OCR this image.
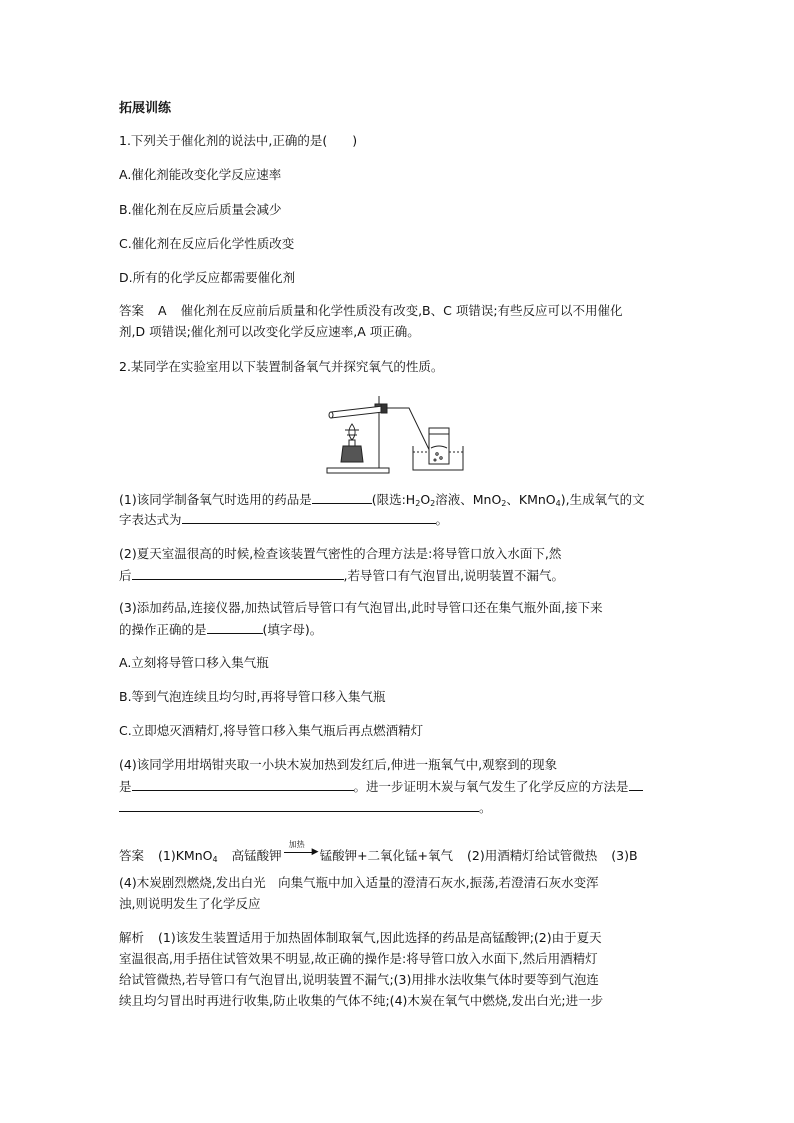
拓展训练
1.下列关于催化剂的说法中,正确的是(　　)
A.催化剂能改变化学反应速率
B.催化剂在反应后质量会减少
C.催化剂在反应后化学性质改变
D.所有的化学反应都需要催化剂
答案 A 催化剂在反应前后质量和化学性质没有改变,B、C 项错误;有些反应可以不用催化
剂,D 项错误;催化剂可以改变化学反应速率,A 项正确。
2.某同学在实验室用以下装置制备氧气并探究氧气的性质。
(1)该同学制备氧气时选用的药品是	(限选$:H_2O_2$溶液、MnO$_2$、KMnO$_4$),生成氧气的文
字表达式为	。
(2)夏天室温很高的时候,检查该装置气密性的合理方法是:将导管口放入水面下,然
后	,若导管口有气泡冒出,说明装置不漏气。
(3)添加药品,连接仪器,加热试管后导管口有气泡冒出,此时导管口还在集气瓶外面,接下来
的操作正确的是	(填字母)。
A.立刻将导管口移入集气瓶
B.等到气泡连续且均匀时,再将导管口移入集气瓶
C.立即熄灭酒精灯,将导管口移入集气瓶后再点燃酒精灯
(4)该同学用坩埚钳夹取一小块木炭加热到发红后,伸进一瓶氧气中,观察到的现象
是	。进一步证明木炭与氧气发生了化学反应的方法是
。
答案 (1)KMnO$_4$ 高锰酸钾
加热
▶ 锰酸钾+二氧化锰+氧气 (2)用酒精灯给试管微热 (3)B
(4)木炭剧烈燃烧,发出白光　向集气瓶中加入适量的澄清石灰水,振荡,若澄清石灰水变浑
浊,则说明发生了化学反应
解析 (1)该发生装置适用于加热固体制取氧气,因此选择的药品是高锰酸钾;(2)由于夏天
室温很高,用手捂住试管效果不明显,故正确的操作是:将导管口放入水面下,然后用酒精灯
给试管微热,若导管口有气泡冒出,说明装置不漏气;(3)用排水法收集气体时要等到气泡连
续且均匀冒出时再进行收集,防止收集的气体不纯;(4)木炭在氧气中燃烧,发出白光;进一步
